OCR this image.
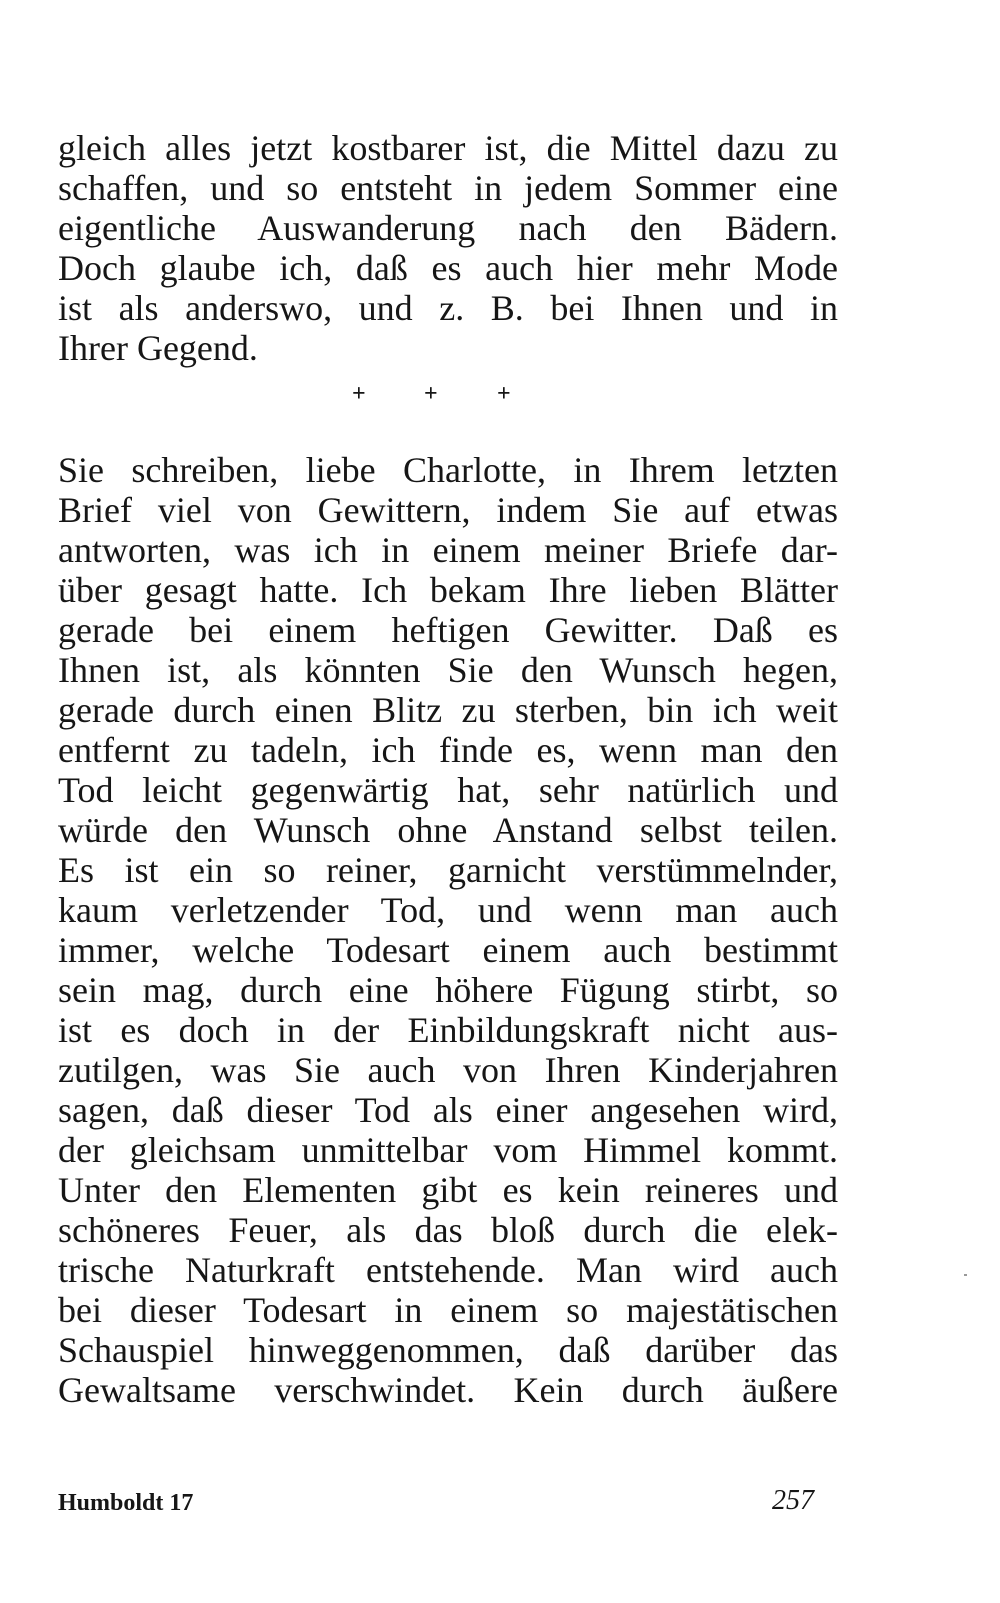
gleich alles jetzt kostbarer ist, die Mittel dazu zu
schaffen, und so entsteht in jedem Sommer eine
eigentliche Auswanderung nach den Bädern.
Doch glaube ich, daß es auch hier mehr Mode
ist als anderswo, und z. B. bei Ihnen und in
Ihrer Gegend.
+ + +
Sie schreiben, liebe Charlotte, in Ihrem letzten
Brief viel von Gewittern, indem Sie auf etwas
antworten, was ich in einem meiner Briefe dar-
über gesagt hatte. Ich bekam Ihre lieben Blätter
gerade bei einem heftigen Gewitter. Daß es
Ihnen ist, als könnten Sie den Wunsch hegen,
gerade durch einen Blitz zu sterben, bin ich weit
entfernt zu tadeln, ich finde es, wenn man den
Tod leicht gegenwärtig hat, sehr natürlich und
würde den Wunsch ohne Anstand selbst teilen.
Es ist ein so reiner, garnicht verstümmelnder,
kaum verletzender Tod, und wenn man auch
immer, welche Todesart einem auch bestimmt
sein mag, durch eine höhere Fügung stirbt, so
ist es doch in der Einbildungskraft nicht aus-
zutilgen, was Sie auch von Ihren Kinderjahren
sagen, daß dieser Tod als einer angesehen wird,
der gleichsam unmittelbar vom Himmel kommt.
Unter den Elementen gibt es kein reineres und
schöneres Feuer, als das bloß durch die elek-
trische Naturkraft entstehende. Man wird auch
bei dieser Todesart in einem so majestätischen
Schauspiel hinweggenommen, daß darüber das
Gewaltsame verschwindet. Kein durch äußere
Humboldt 17	257
